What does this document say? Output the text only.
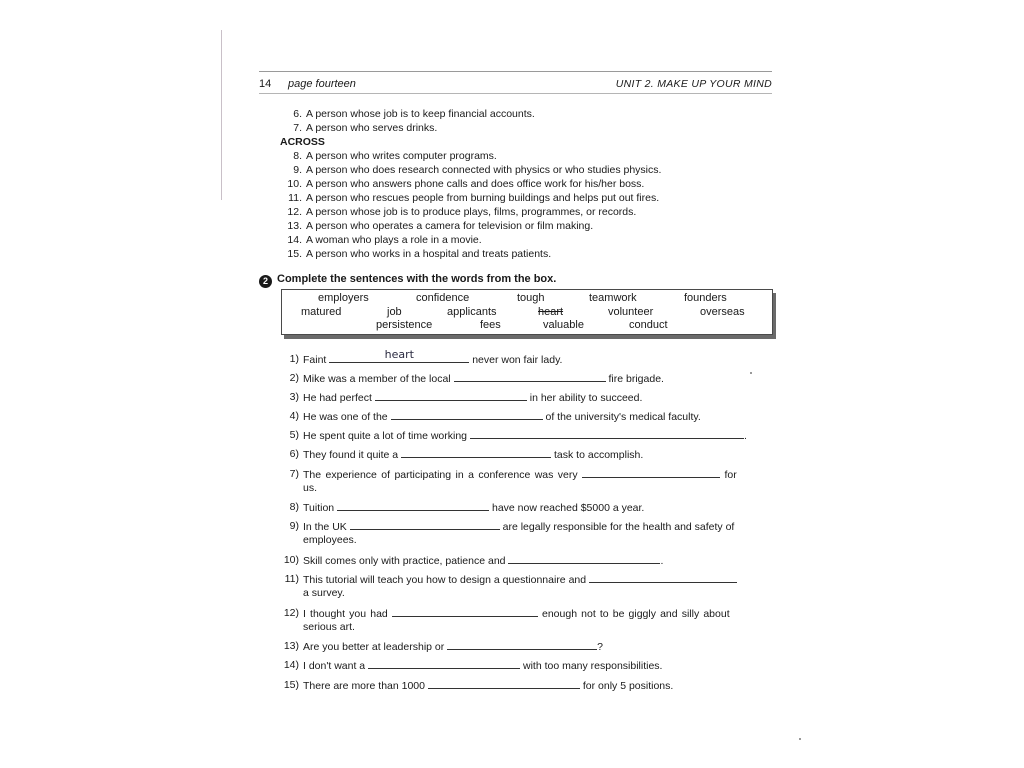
14 page fourteen	UNIT 2. MAKE UP YOUR MIND
6. A person whose job is to keep financial accounts.
7. A person who serves drinks.
ACROSS
8. A person who writes computer programs.
9. A person who does research connected with physics or who studies physics.
10. A person who answers phone calls and does office work for his/her boss.
11. A person who rescues people from burning buildings and helps put out fires.
12. A person whose job is to produce plays, films, programmes, or records.
13. A person who operates a camera for television or film making.
14. A woman who plays a role in a movie.
15. A person who works in a hospital and treats patients.
2 Complete the sentences with the words from the box.
employers	confidence	tough	teamwork	founders
matured	job	applicants	heart	volunteer	overseas
persistence	fees	valuable	conduct
1) Faint	heart	never won fair lady.
2) Mike was a member of the local	fire brigade.
3) He had perfect	in her ability to succeed.
4) He was one of the	of the university's medical faculty.
5) He spent quite a lot of time working	.
6) They found it quite a	task to accomplish.
7) The experience of participating in a conference was very	for
us.
8) Tuition	have now reached $5000 a year.
9) In the UK	are legally responsible for the health and safety of
employees.
10) Skill comes only with practice, patience and	.
11) This tutorial will teach you how to design a questionnaire and
a survey.
12) I thought you had	enough not to be giggly and silly about
serious art.
13) Are you better at leadership or	?
14) I don't want a	with too many responsibilities.
15) There are more than 1000	for only 5 positions.
